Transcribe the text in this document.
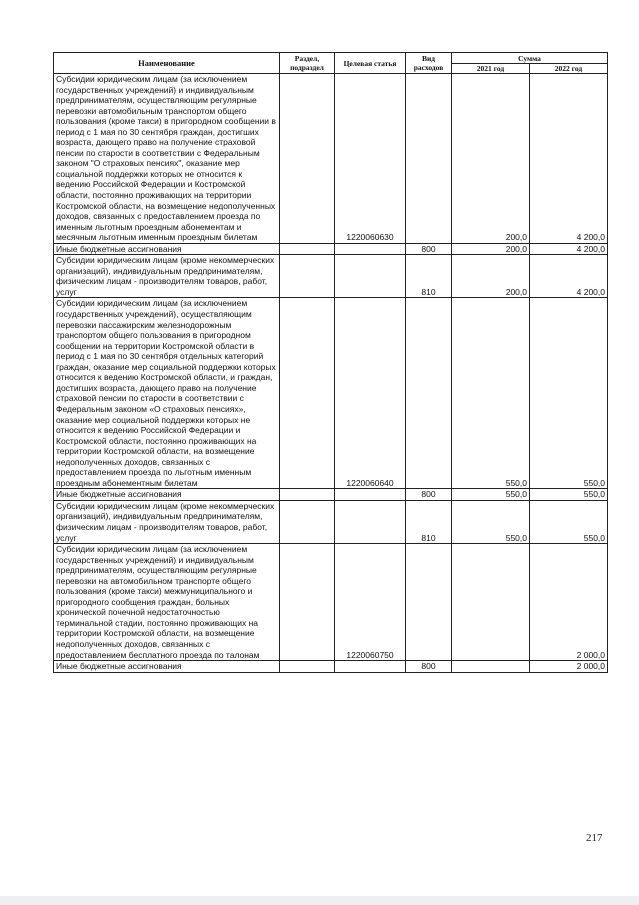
Наименование	Раздел, подраздел	Целевая статья	Вид расходов	Сумма	
				2021 год	2022 год
Субсидии юридическим лицам (за исключением государственных учреждений) и индивидуальным предпринимателям, осуществляющим регулярные перевозки автомобильным транспортом общего пользования (кроме такси) в пригородном сообщении в период с 1 мая по 30 сентября граждан, достигших возраста, дающего право на получение страховой пенсии по старости в соответствии с Федеральным законом "О страховых пенсиях", оказание мер социальной поддержки которых не относится к ведению Российской Федерации и Костромской области, постоянно проживающих на территории Костромской области, на возмещение недополученных доходов, связанных с предоставлением проезда по именным льготным проездным абонементам и месячным льготным именным проездным билетам		1220060630		200,0	4 200,0
Иные бюджетные ассигнования			800	200,0	4 200,0
Субсидии юридическим лицам (кроме некоммерческих организаций), индивидуальным предпринимателям, физическим лицам - производителям товаров, работ, услуг			810	200,0	4 200,0
Субсидии юридическим лицам (за исключением государственных учреждений), осуществляющим перевозки пассажирским железнодорожным транспортом общего пользования в пригородном сообщении на территории Костромской области в период с 1 мая по 30 сентября отдельных категорий граждан, оказание мер социальной поддержки которых относится к ведению Костромской области, и граждан, достигших возраста, дающего право на получение страховой пенсии по старости в соответствии с Федеральным законом «О страховых пенсиях», оказание мер социальной поддержки которых не относится к ведению Российской Федерации и Костромской области, постоянно проживающих на территории Костромской области, на возмещение недополученных доходов, связанных с предоставлением проезда по льготным именным проездным абонементным билетам		1220060640		550,0	550,0
Иные бюджетные ассигнования			800	550,0	550,0
Субсидии юридическим лицам (кроме некоммерческих организаций), индивидуальным предпринимателям, физическим лицам - производителям товаров, работ, услуг			810	550,0	550,0
Субсидии юридическим лицам (за исключением государственных учреждений) и индивидуальным предпринимателям, осуществляющим регулярные перевозки на автомобильном транспорте общего пользования (кроме такси) межмуниципального и пригородного сообщения граждан, больных хронической почечной недостаточностью терминальной стадии, постоянно проживающих на территории Костромской области, на возмещение недополученных доходов, связанных с предоставлением бесплатного проезда по талонам		1220060750			2 000,0
Иные бюджетные ассигнования			800		2 000,0
217
